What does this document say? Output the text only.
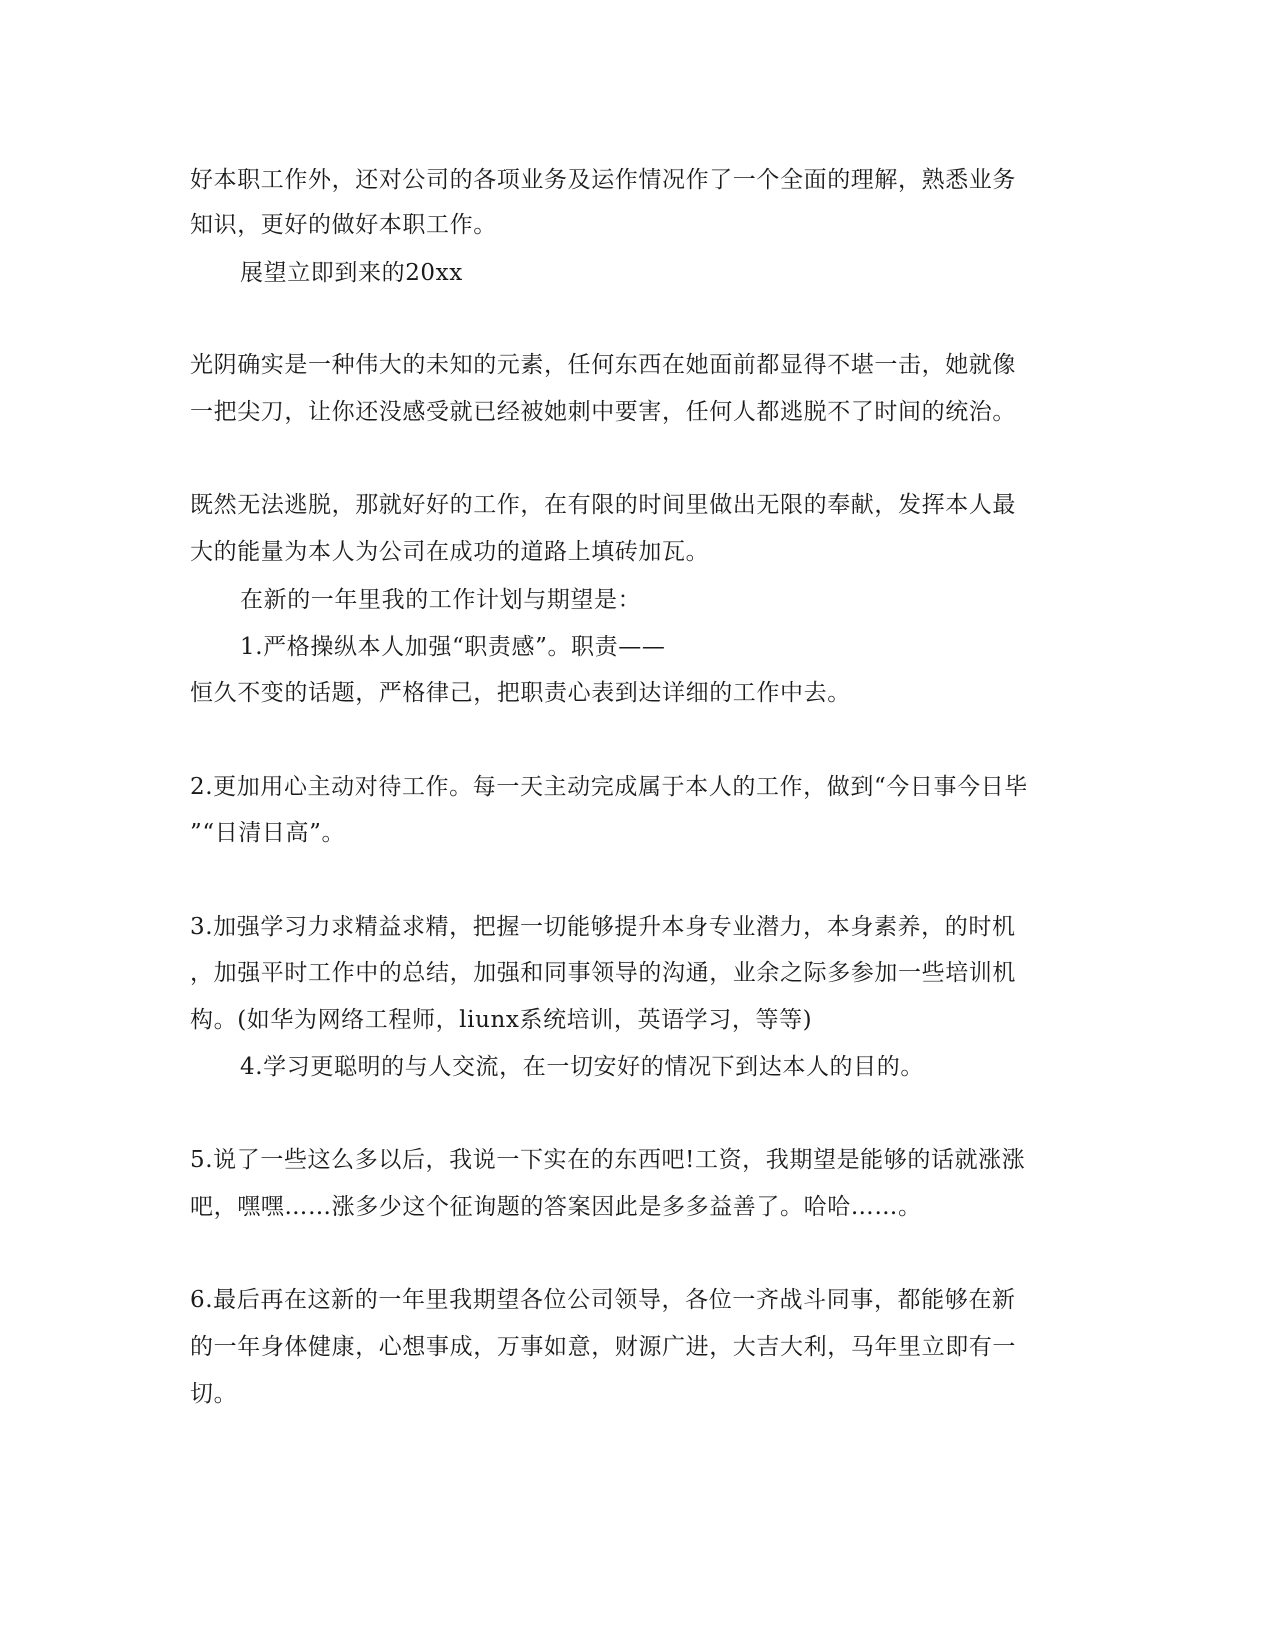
好本职工作外，还对公司的各项业务及运作情况作了一个全面的理解，熟悉业务
知识，更好的做好本职工作。
展望立即到来的20xx
光阴确实是一种伟大的未知的元素，任何东西在她面前都显得不堪一击，她就像
一把尖刀，让你还没感受就已经被她刺中要害，任何人都逃脱不了时间的统治。
既然无法逃脱，那就好好的工作，在有限的时间里做出无限的奉献，发挥本人最
大的能量为本人为公司在成功的道路上填砖加瓦。
在新的一年里我的工作计划与期望是：
1.严格操纵本人加强“职责感”。职责——
恒久不变的话题，严格律己，把职责心表到达详细的工作中去。
2.更加用心主动对待工作。每一天主动完成属于本人的工作，做到“今日事今日毕
”“日清日高”。
3.加强学习力求精益求精，把握一切能够提升本身专业潜力，本身素养，的时机
，加强平时工作中的总结，加强和同事领导的沟通，业余之际多参加一些培训机
构。(如华为网络工程师，liunx系统培训，英语学习，等等)
4.学习更聪明的与人交流，在一切安好的情况下到达本人的目的。
5.说了一些这么多以后，我说一下实在的东西吧!工资，我期望是能够的话就涨涨
吧，嘿嘿……涨多少这个征询题的答案因此是多多益善了。哈哈……。
6.最后再在这新的一年里我期望各位公司领导，各位一齐战斗同事，都能够在新
的一年身体健康，心想事成，万事如意，财源广进，大吉大利，马年里立即有一
切。
